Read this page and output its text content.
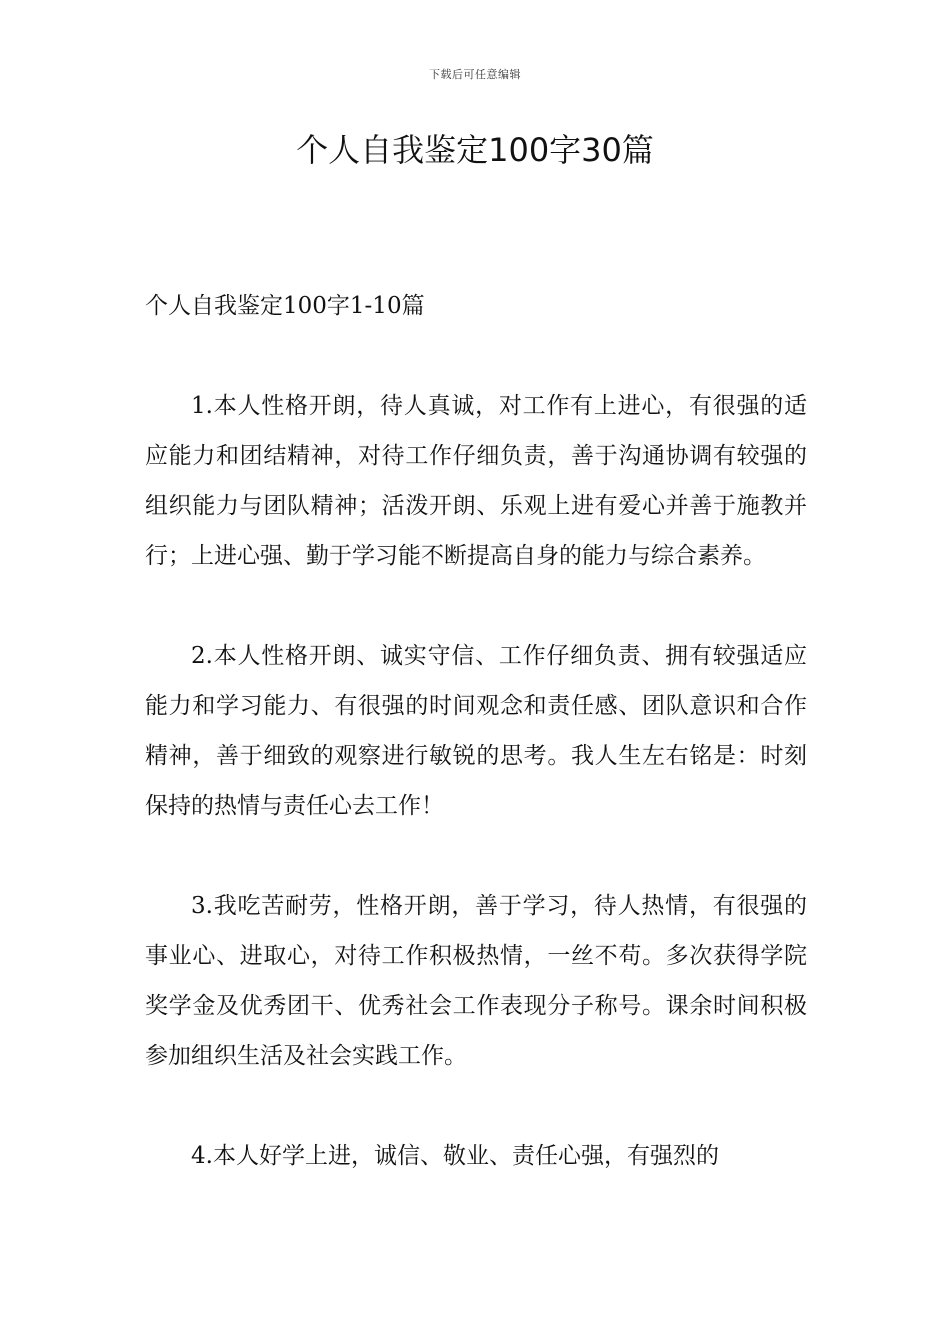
下载后可任意编辑
个人自我鉴定100字30篇
个人自我鉴定100字1-10篇

1.本人性格开朗，待人真诚，对工作有上进心，有很强的适应能力和团结精神，对待工作仔细负责，善于沟通协调有较强的组织能力与团队精神；活泼开朗、乐观上进有爱心并善于施教并行；上进心强、勤于学习能不断提高自身的能力与综合素养。

2.本人性格开朗、诚实守信、工作仔细负责、拥有较强适应能力和学习能力、有很强的时间观念和责任感、团队意识和合作精神，善于细致的观察进行敏锐的思考。我人生左右铭是：时刻保持的热情与责任心去工作！

3.我吃苦耐劳，性格开朗，善于学习，待人热情，有很强的事业心、进取心，对待工作积极热情，一丝不苟。多次获得学院奖学金及优秀团干、优秀社会工作表现分子称号。课余时间积极参加组织生活及社会实践工作。

4.本人好学上进，诚信、敬业、责任心强，有强烈的
